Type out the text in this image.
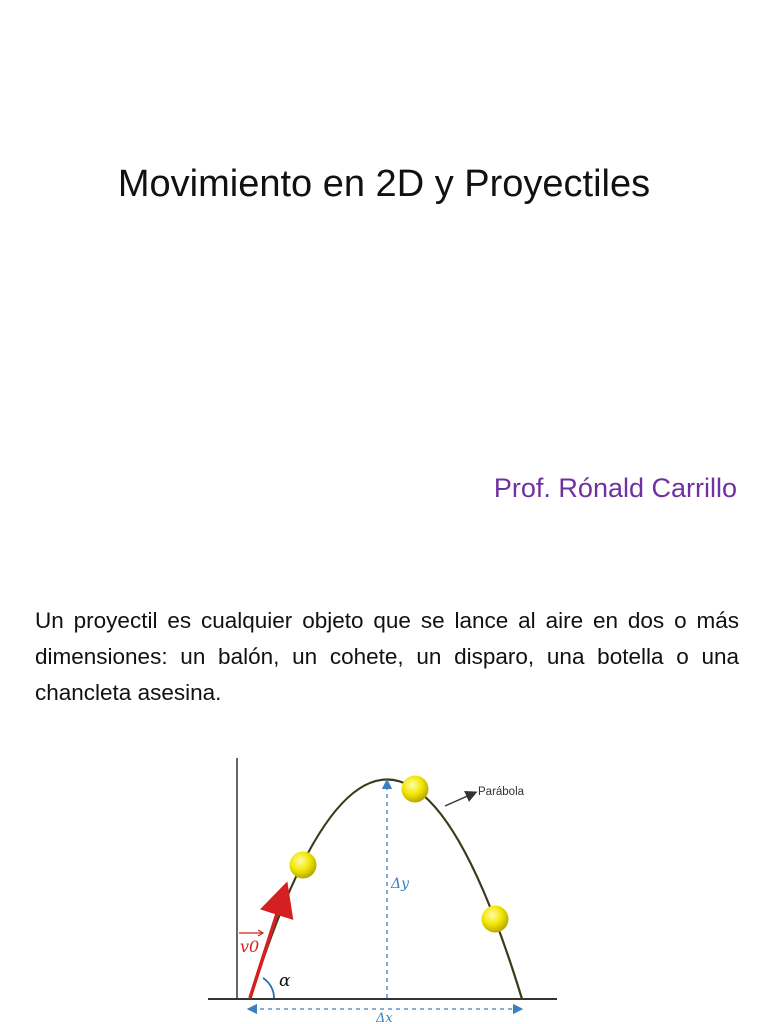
Movimiento en 2D y Proyectiles
Prof. Rónald Carrillo
Un proyectil es cualquier objeto que se lance al aire en dos o más dimensiones: un balón, un cohete, un disparo, una botella o una chancleta asesina.
Parábola
Δy
Δx
α
v0
